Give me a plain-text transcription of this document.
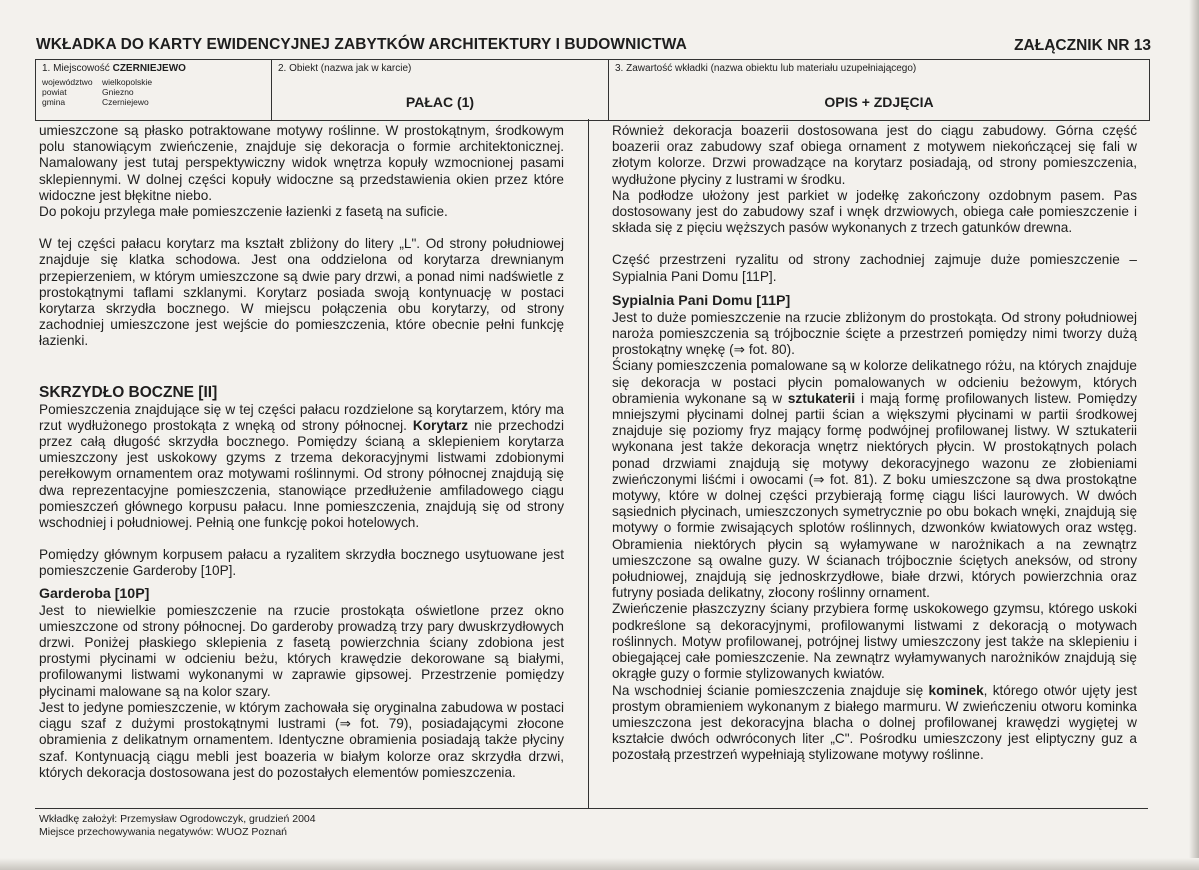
WKŁADKA DO KARTY EWIDENCYJNEJ ZABYTKÓW ARCHITEKTURY I BUDOWNICTWA	ZAŁĄCZNIK NR 13
1. Miejscowość CZERNIEJEWO
województwo	wielkopolskie
powiat	Gniezno
gmina	Czerniejewo
2. Obiekt (nazwa jak w karcie)
PAŁAC (1)
3. Zawartość wkładki (nazwa obiektu lub materiału uzupełniającego)
OPIS + ZDJĘCIA

umieszczone są płasko potraktowane motywy roślinne. W prostokątnym, środkowym polu stanowiącym zwieńczenie, znajduje się dekoracja o formie architektonicznej. Namalowany jest tutaj perspektywiczny widok wnętrza kopuły wzmocnionej pasami sklepiennymi. W dolnej części kopuły widoczne są przedstawienia okien przez które widoczne jest błękitne niebo.

Do pokoju przylega małe pomieszczenie łazienki z fasetą na suficie.

W tej części pałacu korytarz ma kształt zbliżony do litery „L". Od strony południowej znajduje się klatka schodowa. Jest ona oddzielona od korytarza drewnianym przepierzeniem, w którym umieszczone są dwie pary drzwi, a ponad nimi nadświetle z prostokątnymi taflami szklanymi. Korytarz posiada swoją kontynuację w postaci korytarza skrzydła bocznego. W miejscu połączenia obu korytarzy, od strony zachodniej umieszczone jest wejście do pomieszczenia, które obecnie pełni funkcję łazienki.

SKRZYDŁO BOCZNE [II]

Pomieszczenia znajdujące się w tej części pałacu rozdzielone są korytarzem, który ma rzut wydłużonego prostokąta z wnęką od strony północnej. Korytarz nie przechodzi przez całą długość skrzydła bocznego. Pomiędzy ścianą a sklepieniem korytarza umieszczony jest uskokowy gzyms z trzema dekoracyjnymi listwami zdobionymi perełkowym ornamentem oraz motywami roślinnymi. Od strony północnej znajdują się dwa reprezentacyjne pomieszczenia, stanowiące przedłużenie amfiladowego ciągu pomieszczeń głównego korpusu pałacu. Inne pomieszczenia, znajdują się od strony wschodniej i południowej. Pełnią one funkcję pokoi hotelowych.

Pomiędzy głównym korpusem pałacu a ryzalitem skrzydła bocznego usytuowane jest pomieszczenie Garderoby [10P].

Garderoba [10P]

Jest to niewielkie pomieszczenie na rzucie prostokąta oświetlone przez okno umieszczone od strony północnej. Do garderoby prowadzą trzy pary dwuskrzydłowych drzwi. Poniżej płaskiego sklepienia z fasetą powierzchnia ściany zdobiona jest prostymi płycinami w odcieniu beżu, których krawędzie dekorowane są białymi, profilowanymi listwami wykonanymi w zaprawie gipsowej. Przestrzenie pomiędzy płycinami malowane są na kolor szary.

Jest to jedyne pomieszczenie, w którym zachowała się oryginalna zabudowa w postaci ciągu szaf z dużymi prostokątnymi lustrami (⇒ fot. 79), posiadającymi złocone obramienia z delikatnym ornamentem. Identyczne obramienia posiadają także płyciny szaf. Kontynuacją ciągu mebli jest boazeria w białym kolorze oraz skrzydła drzwi, których dekoracja dostosowana jest do pozostałych elementów pomieszczenia.

Również dekoracja boazerii dostosowana jest do ciągu zabudowy. Górna część boazerii oraz zabudowy szaf obiega ornament z motywem niekończącej się fali w złotym kolorze. Drzwi prowadzące na korytarz posiadają, od strony pomieszczenia, wydłużone płyciny z lustrami w środku.

Na podłodze ułożony jest parkiet w jodełkę zakończony ozdobnym pasem. Pas dostosowany jest do zabudowy szaf i wnęk drzwiowych, obiega całe pomieszczenie i składa się z pięciu węższych pasów wykonanych z trzech gatunków drewna.

Część przestrzeni ryzalitu od strony zachodniej zajmuje duże pomieszczenie – Sypialnia Pani Domu [11P].

Sypialnia Pani Domu [11P]

Jest to duże pomieszczenie na rzucie zbliżonym do prostokąta. Od strony południowej naroża pomieszczenia są trójbocznie ścięte a przestrzeń pomiędzy nimi tworzy dużą prostokątny wnękę (⇒ fot. 80).

Ściany pomieszczenia pomalowane są w kolorze delikatnego różu, na których znajduje się dekoracja w postaci płycin pomalowanych w odcieniu beżowym, których obramienia wykonane są w sztukaterii i mają formę profilowanych listew. Pomiędzy mniejszymi płycinami dolnej partii ścian a większymi płycinami w partii środkowej znajduje się poziomy fryz mający formę podwójnej profilowanej listwy. W sztukaterii wykonana jest także dekoracja wnętrz niektórych płycin. W prostokątnych polach ponad drzwiami znajdują się motywy dekoracyjnego wazonu ze złobieniami zwieńczonymi liśćmi i owocami (⇒ fot. 81). Z boku umieszczone są dwa prostokątne motywy, które w dolnej części przybierają formę ciągu liści laurowych. W dwóch sąsiednich płycinach, umieszczonych symetrycznie po obu bokach wnęki, znajdują się motywy o formie zwisających splotów roślinnych, dzwonków kwiatowych oraz wstęg. Obramienia niektórych płycin są wyłamywane w narożnikach a na zewnątrz umieszczone są owalne guzy. W ścianach trójbocznie ściętych aneksów, od strony południowej, znajdują się jednoskrzydłowe, białe drzwi, których powierzchnia oraz futryny posiada delikatny, złocony roślinny ornament.

Zwieńczenie płaszczyzny ściany przybiera formę uskokowego gzymsu, którego uskoki podkreślone są dekoracyjnymi, profilowanymi listwami z dekoracją o motywach roślinnych. Motyw profilowanej, potrójnej listwy umieszczony jest także na sklepieniu i obiegającej całe pomieszczenie. Na zewnątrz wyłamywanych narożników znajdują się okrągłe guzy o formie stylizowanych kwiatów.

Na wschodniej ścianie pomieszczenia znajduje się kominek, którego otwór ujęty jest prostym obramieniem wykonanym z białego marmuru. W zwieńczeniu otworu kominka umieszczona jest dekoracyjna blacha o dolnej profilowanej krawędzi wygiętej w kształcie dwóch odwróconych liter „C". Pośrodku umieszczony jest eliptyczny guz a pozostałą przestrzeń wypełniają stylizowane motywy roślinne.

Wkładkę założył: Przemysław Ogrodowczyk, grudzień 2004
Miejsce przechowywania negatywów: WUOZ Poznań
